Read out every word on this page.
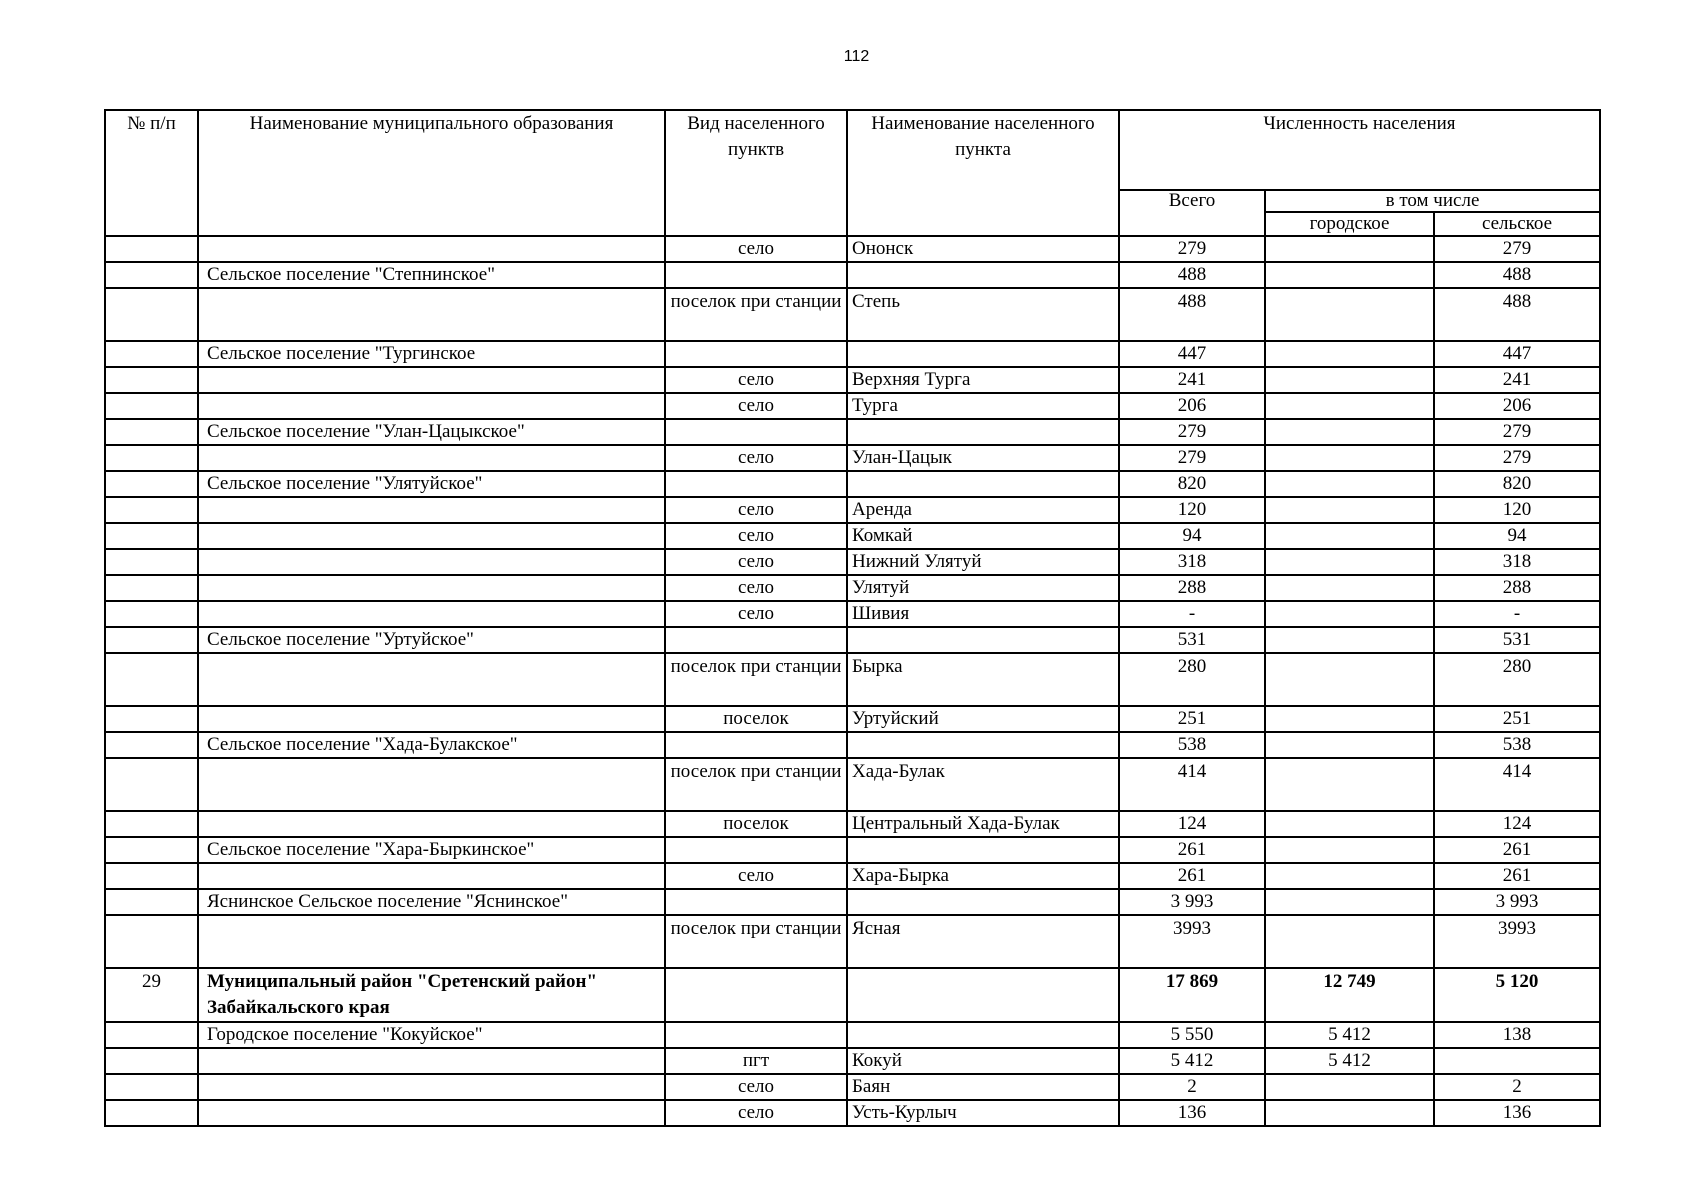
112
№ п/п	Наименование муниципального образования	Вид населенного пунктв	Наименование населенного пункта	Численность населения		
				Всего	в том числе	
					городское	сельское
		село	Ононск	279		279
	Сельское поселение "Степнинское"			488		488
		поселок при станции	Степь	488		488
	Сельское поселение "Тургинское			447		447
		село	Верхняя Турга	241		241
		село	Турга	206		206
	Сельское поселение "Улан-Цацыкское"			279		279
		село	Улан-Цацык	279		279
	Сельское поселение "Улятуйское"			820		820
		село	Аренда	120		120
		село	Комкай	94		94
		село	Нижний Улятуй	318		318
		село	Улятуй	288		288
		село	Шивия	-		-
	Сельское поселение "Уртуйское"			531		531
		поселок при станции	Бырка	280		280
		поселок	Уртуйский	251		251
	Сельское поселение "Хада-Булакское"			538		538
		поселок при станции	Хада-Булак	414		414
		поселок	Центральный Хада-Булак	124		124
	Сельское поселение "Хара-Быркинское"			261		261
		село	Хара-Бырка	261		261
	Яснинское Сельское поселение "Яснинское"			3 993		3 993
		поселок при станции	Ясная	3993		3993
29	Муниципальный район "Сретенский район" Забайкальского края			17 869	12 749	5 120
	Городское поселение "Кокуйское"			5 550	5 412	138
		пгт	Кокуй	5 412	5 412	
		село	Баян	2		2
		село	Усть-Курлыч	136		136
